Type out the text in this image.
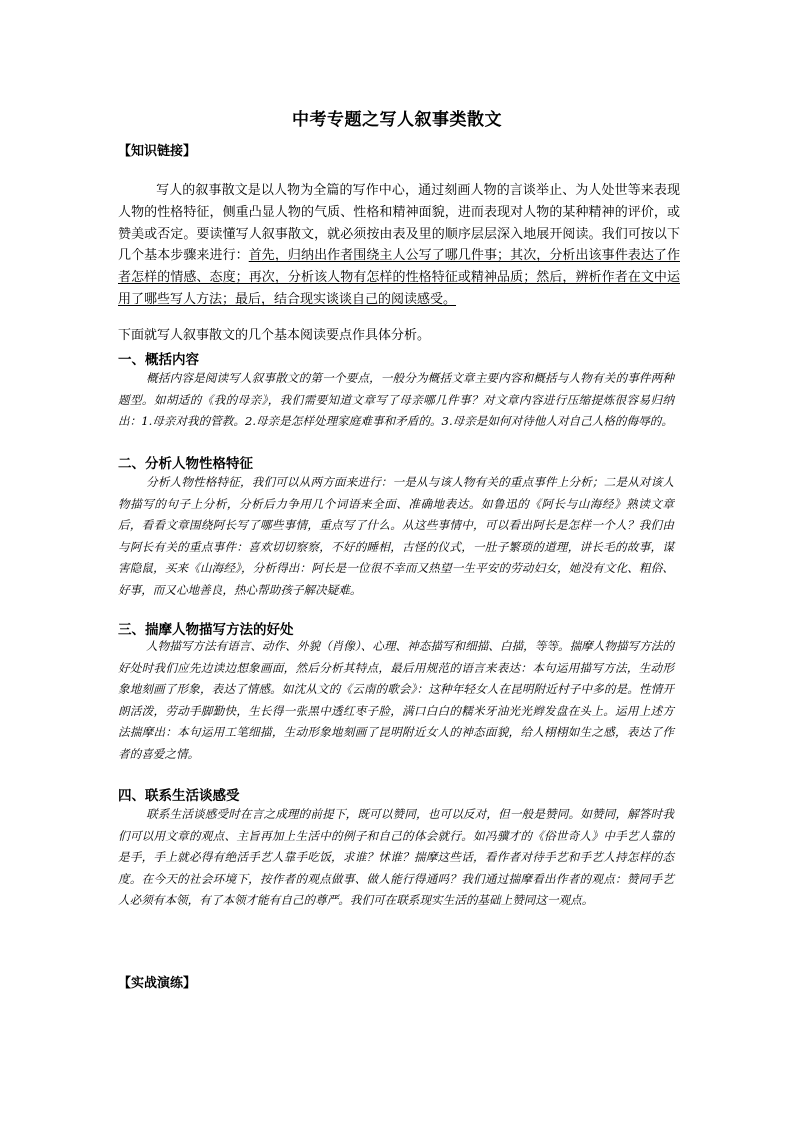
中考专题之写人叙事类散文
【知识链接】
写人的叙事散文是以人物为全篇的写作中心，通过刻画人物的言谈举止、为人处世等来表现人物的性格特征，侧重凸显人物的气质、性格和精神面貌，进而表现对人物的某种精神的评价，或赞美或否定。要读懂写人叙事散文，就必须按由表及里的顺序层层深入地展开阅读。我们可按以下几个基本步骤来进行：首先，归纳出作者围绕主人公写了哪几件事；其次，分析出该事件表达了作者怎样的情感、态度；再次，分析该人物有怎样的性格特征或精神品质；然后，辨析作者在文中运用了哪些写人方法；最后，结合现实谈谈自己的阅读感受。
下面就写人叙事散文的几个基本阅读要点作具体分析。
一、概括内容
概括内容是阅读写人叙事散文的第一个要点，一般分为概括文章主要内容和概括与人物有关的事件两种题型。如胡适的《我的母亲》，我们需要知道文章写了母亲哪几件事？对文章内容进行压缩提炼很容易归纳出：1.母亲对我的管教。2.母亲是怎样处理家庭难事和矛盾的。3.母亲是如何对待他人对自己人格的侮辱的。
二、分析人物性格特征
分析人物性格特征，我们可以从两方面来进行：一是从与该人物有关的重点事件上分析；二是从对该人物描写的句子上分析，分析后力争用几个词语来全面、准确地表达。如鲁迅的《阿长与山海经》熟读文章后，看看文章围绕阿长写了哪些事情，重点写了什么。从这些事情中，可以看出阿长是怎样一个人？我们由与阿长有关的重点事件：喜欢切切察察，不好的睡相，古怪的仪式，一肚子繁琐的道理，讲长毛的故事，谋害隐鼠，买来《山海经》，分析得出：阿长是一位很不幸而又热望一生平安的劳动妇女，她没有文化、粗俗、好事，而又心地善良，热心帮助孩子解决疑难。
三、揣摩人物描写方法的好处
人物描写方法有语言、动作、外貌（肖像）、心理、神态描写和细描、白描，等等。揣摩人物描写方法的好处时我们应先边读边想象画面，然后分析其特点，最后用规范的语言来表达：本句运用描写方法，生动形象地刻画了形象，表达了情感。如沈从文的《云南的歌会》：这种年轻女人在昆明附近村子中多的是。性情开朗活泼，劳动手脚勤快，生长得一张黑中透红枣子脸，满口白白的糯米牙油光光辫发盘在头上。运用上述方法揣摩出：本句运用工笔细描，生动形象地刻画了昆明附近女人的神态面貌，给人栩栩如生之感，表达了作者的喜爱之情。
四、联系生活谈感受
联系生活谈感受时在言之成理的前提下，既可以赞同，也可以反对，但一般是赞同。如赞同，解答时我们可以用文章的观点、主旨再加上生活中的例子和自己的体会就行。如冯骥才的《俗世奇人》中手艺人靠的是手，手上就必得有绝活手艺人靠手吃饭，求谁？怵谁？揣摩这些话，看作者对待手艺和手艺人持怎样的态度。在今天的社会环境下，按作者的观点做事、做人能行得通吗？我们通过揣摩看出作者的观点：赞同手艺人必须有本领，有了本领才能有自己的尊严。我们可在联系现实生活的基础上赞同这一观点。
【实战演练】
